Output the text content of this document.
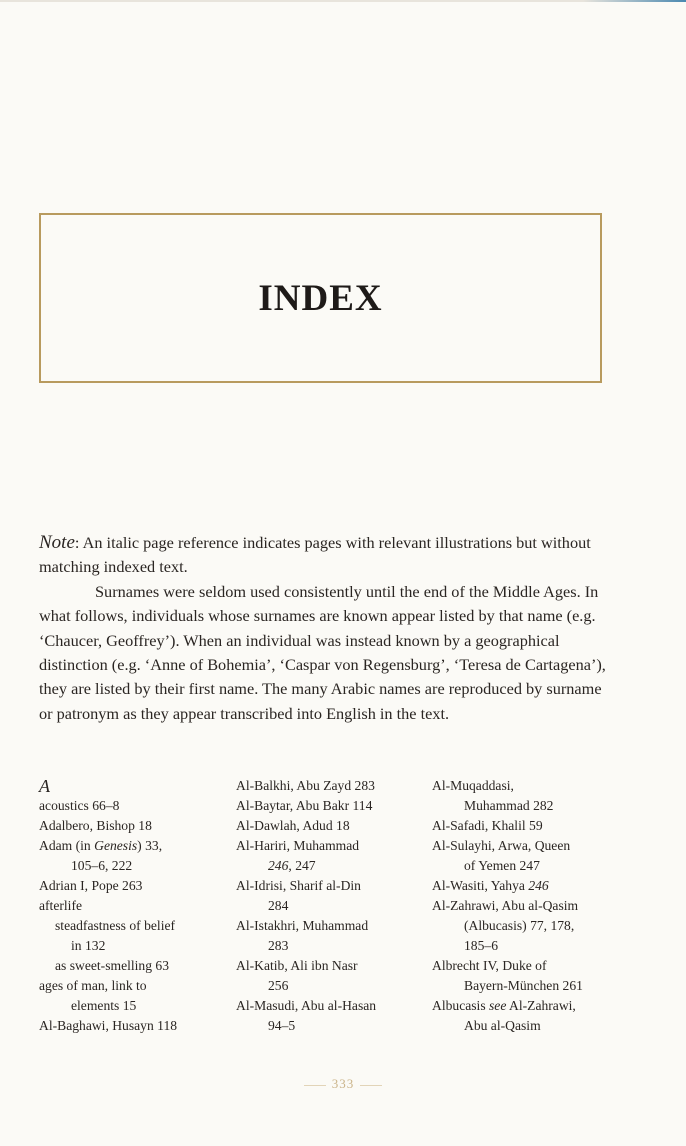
INDEX

Note: An italic page reference indicates pages with relevant illustrations but without matching indexed text.

Surnames were seldom used consistently until the end of the Middle Ages. In what follows, individuals whose surnames are known appear listed by that name (e.g. ‘Chaucer, Geoffrey’). When an individual was instead known by a geographical distinction (e.g. ‘Anne of Bohemia’, ‘Caspar von Regensburg’, ‘Teresa de Cartagena’), they are listed by their first name. The many Arabic names are reproduced by surname or patronym as they appear transcribed into English in the text.

A
acoustics 66–8
Adalbero, Bishop 18
Adam (in Genesis) 33,
105–6, 222
Adrian I, Pope 263
afterlife
steadfastness of belief
in 132
as sweet-smelling 63
ages of man, link to
elements 15
Al-Baghawi, Husayn 118
Al-Balkhi, Abu Zayd 283
Al-Baytar, Abu Bakr 114
Al-Dawlah, Adud 18
Al-Hariri, Muhammad
246, 247
Al-Idrisi, Sharif al-Din
284
Al-Istakhri, Muhammad
283
Al-Katib, Ali ibn Nasr
256
Al-Masudi, Abu al-Hasan
94–5
Al-Muqaddasi,
Muhammad 282
Al-Safadi, Khalil 59
Al-Sulayhi, Arwa, Queen
of Yemen 247
Al-Wasiti, Yahya 246
Al-Zahrawi, Abu al-Qasim
(Albucasis) 77, 178,
185–6
Albrecht IV, Duke of
Bayern-München 261
Albucasis see Al-Zahrawi,
Abu al-Qasim
333
